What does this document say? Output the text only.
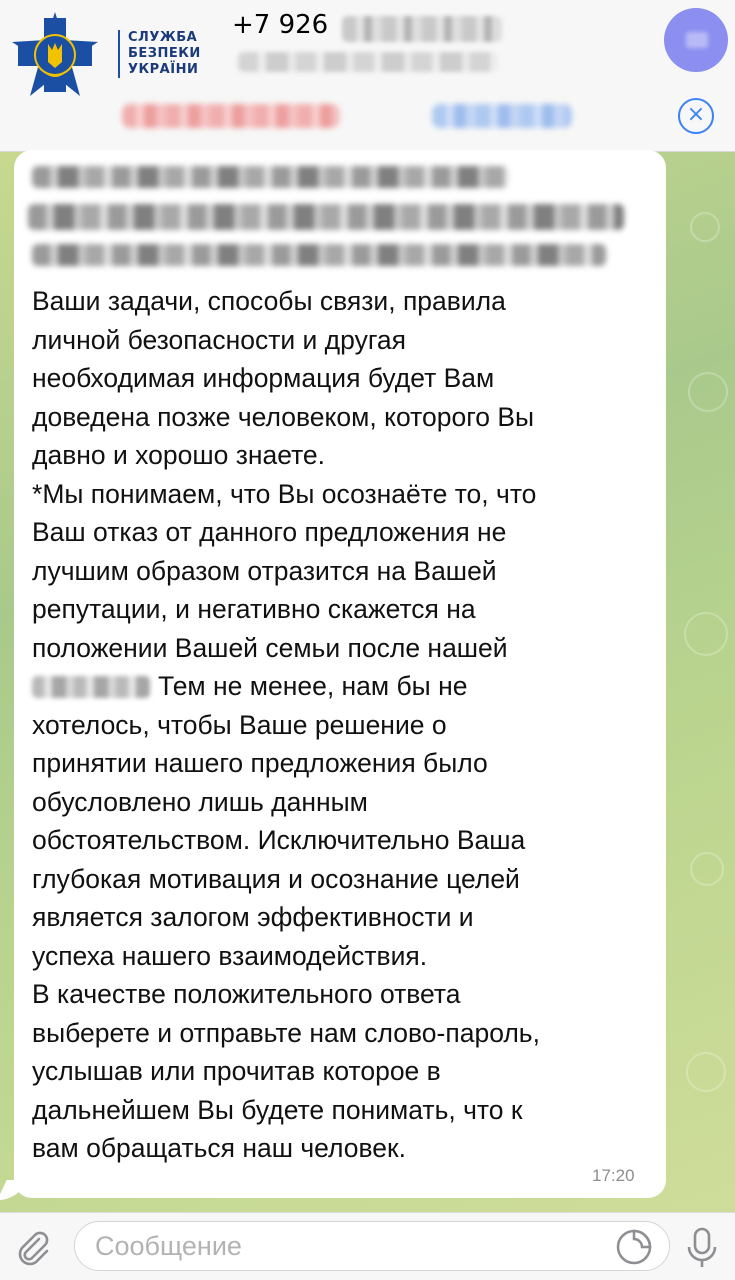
СЛУЖБА
БЕЗПЕКИ
УКРАЇНИ
+7 926
×
Ваши задачи, способы связи, правила
личной безопасности и другая
необходимая информация будет Вам
доведена позже человеком, которого Вы
давно и хорошо знаете.
*Мы понимаем, что Вы осознаёте то, что
Ваш отказ от данного предложения не
лучшим образом отразится на Вашей
репутации, и негативно скажется на
положении Вашей семьи после нашей
Тем не менее, нам бы не
хотелось, чтобы Ваше решение о
принятии нашего предложения было
обусловлено лишь данным
обстоятельством. Исключительно Ваша
глубокая мотивация и осознание целей
является залогом эффективности и
успеха нашего взаимодействия.
В качестве положительного ответа
выберете и отправьте нам слово-пароль,
услышав или прочитав которое в
дальнейшем Вы будете понимать, что к
вам обращаться наш человек.
17:20
Сообщение
